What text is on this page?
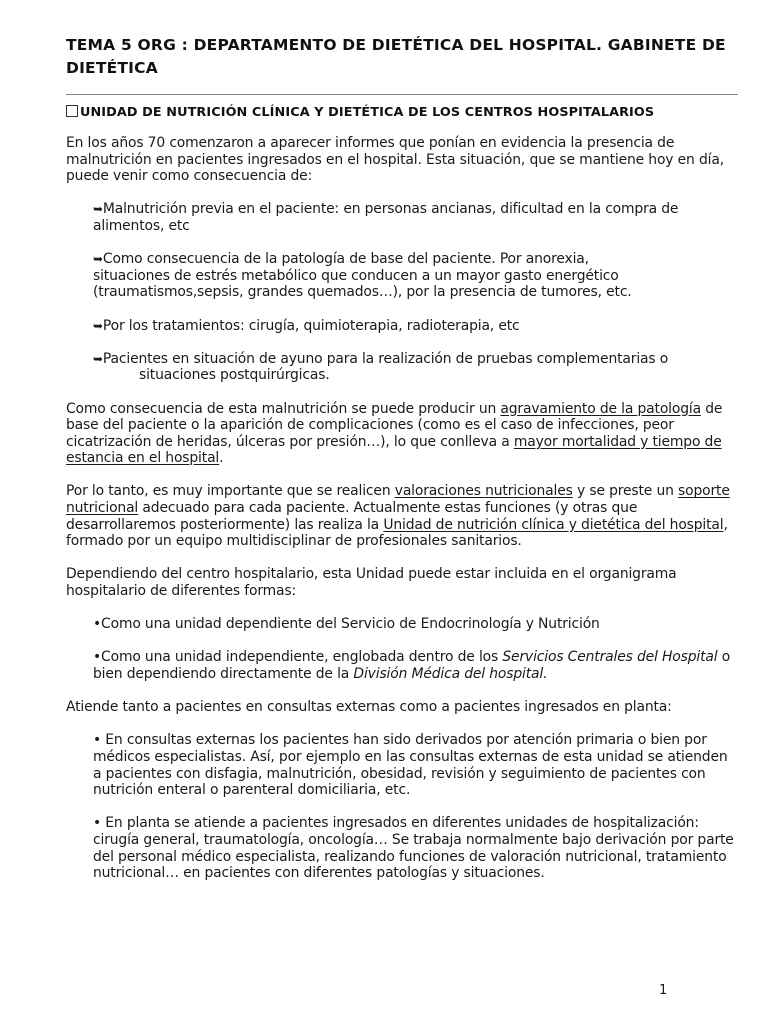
TEMA 5 ORG : DEPARTAMENTO DE DIETÉTICA DEL HOSPITAL. GABINETE DE DIETÉTICA
UNIDAD DE NUTRICIÓN CLÍNICA Y DIETÉTICA DE LOS CENTROS HOSPITALARIOS

En los años 70 comenzaron a aparecer informes que ponían en evidencia la presencia de malnutrición en pacientes ingresados en el hospital. Esta situación, que se mantiene hoy en día, puede venir como consecuencia de:

➥Malnutrición previa en el paciente: en personas ancianas, dificultad en la compra de
alimentos, etc

➥Como consecuencia de la patología de base del paciente. Por anorexia,
situaciones de estrés metabólico que conducen a un mayor gasto energético (traumatismos,sepsis, grandes quemados…), por la presencia de tumores, etc.

➥Por los tratamientos: cirugía, quimioterapia, radioterapia, etc

➥Pacientes en situación de ayuno para la realización de pruebas complementarias o

situaciones postquirúrgicas.

Como consecuencia de esta malnutrición se puede producir un agravamiento de la patología de base del paciente o la aparición de complicaciones (como es el caso de infecciones, peor cicatrización de heridas, úlceras por presión…), lo que conlleva a mayor mortalidad y tiempo de estancia en el hospital.

Por lo tanto, es muy importante que se realicen valoraciones nutricionales y se preste un soporte nutricional adecuado para cada paciente. Actualmente estas funciones (y otras que desarrollaremos posteriormente) las realiza la Unidad de nutrición clínica y dietética del hospital, formado por un equipo multidisciplinar de profesionales sanitarios.

Dependiendo del centro hospitalario, esta Unidad puede estar incluida en el organigrama hospitalario de diferentes formas:

•Como una unidad dependiente del Servicio de Endocrinología y Nutrición

•Como una unidad independiente, englobada dentro de los Servicios Centrales del Hospital o bien dependiendo directamente de la División Médica del hospital.

Atiende tanto a pacientes en consultas externas como a pacientes ingresados en planta:

• En consultas externas los pacientes han sido derivados por atención primaria o bien por médicos especialistas. Así, por ejemplo en las consultas externas de esta unidad se atienden a pacientes con disfagia, malnutrición, obesidad, revisión y seguimiento de pacientes con nutrición enteral o parenteral domiciliaria, etc.

• En planta se atiende a pacientes ingresados en diferentes unidades de hospitalización: cirugía general, traumatología, oncología… Se trabaja normalmente bajo derivación por parte del personal médico especialista, realizando funciones de valoración nutricional, tratamiento nutricional… en pacientes con diferentes patologías y situaciones.

1
